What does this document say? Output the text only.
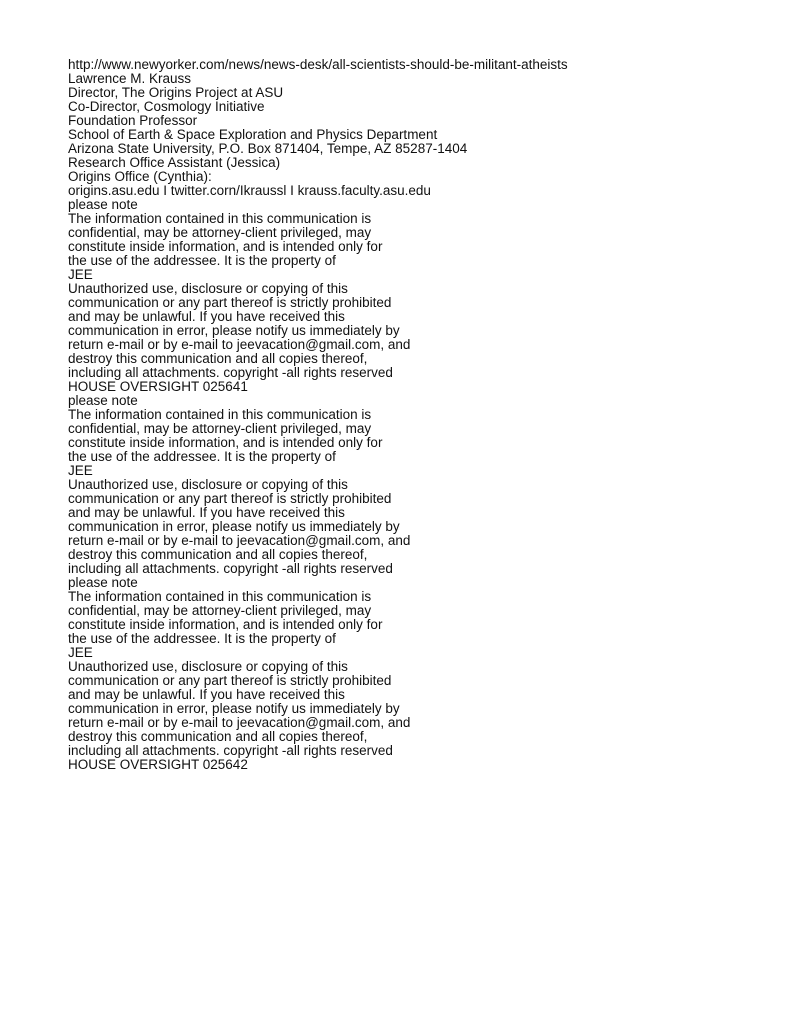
http://www.newyorker.com/news/news-desk/all-scientists-should-be-militant-atheists
Lawrence M. Krauss
Director, The Origins Project at ASU
Co-Director, Cosmology Initiative
Foundation Professor
School of Earth & Space Exploration and Physics Department
Arizona State University, P.O. Box 871404, Tempe, AZ 85287-1404
Research Office Assistant (Jessica)
Origins Office (Cynthia):
origins.asu.edu I twitter.corn/Ikraussl I krauss.faculty.asu.edu
please note
The information contained in this communication is
confidential, may be attorney-client privileged, may
constitute inside information, and is intended only for
the use of the addressee. It is the property of
JEE
Unauthorized use, disclosure or copying of this
communication or any part thereof is strictly prohibited
and may be unlawful. If you have received this
communication in error, please notify us immediately by
return e-mail or by e-mail to jeevacation@gmail.com, and
destroy this communication and all copies thereof,
including all attachments. copyright -all rights reserved
HOUSE OVERSIGHT 025641
please note
The information contained in this communication is
confidential, may be attorney-client privileged, may
constitute inside information, and is intended only for
the use of the addressee. It is the property of
JEE
Unauthorized use, disclosure or copying of this
communication or any part thereof is strictly prohibited
and may be unlawful. If you have received this
communication in error, please notify us immediately by
return e-mail or by e-mail to jeevacation@gmail.com, and
destroy this communication and all copies thereof,
including all attachments. copyright -all rights reserved
please note
The information contained in this communication is
confidential, may be attorney-client privileged, may
constitute inside information, and is intended only for
the use of the addressee. It is the property of
JEE
Unauthorized use, disclosure or copying of this
communication or any part thereof is strictly prohibited
and may be unlawful. If you have received this
communication in error, please notify us immediately by
return e-mail or by e-mail to jeevacation@gmail.com, and
destroy this communication and all copies thereof,
including all attachments. copyright -all rights reserved
HOUSE OVERSIGHT 025642
